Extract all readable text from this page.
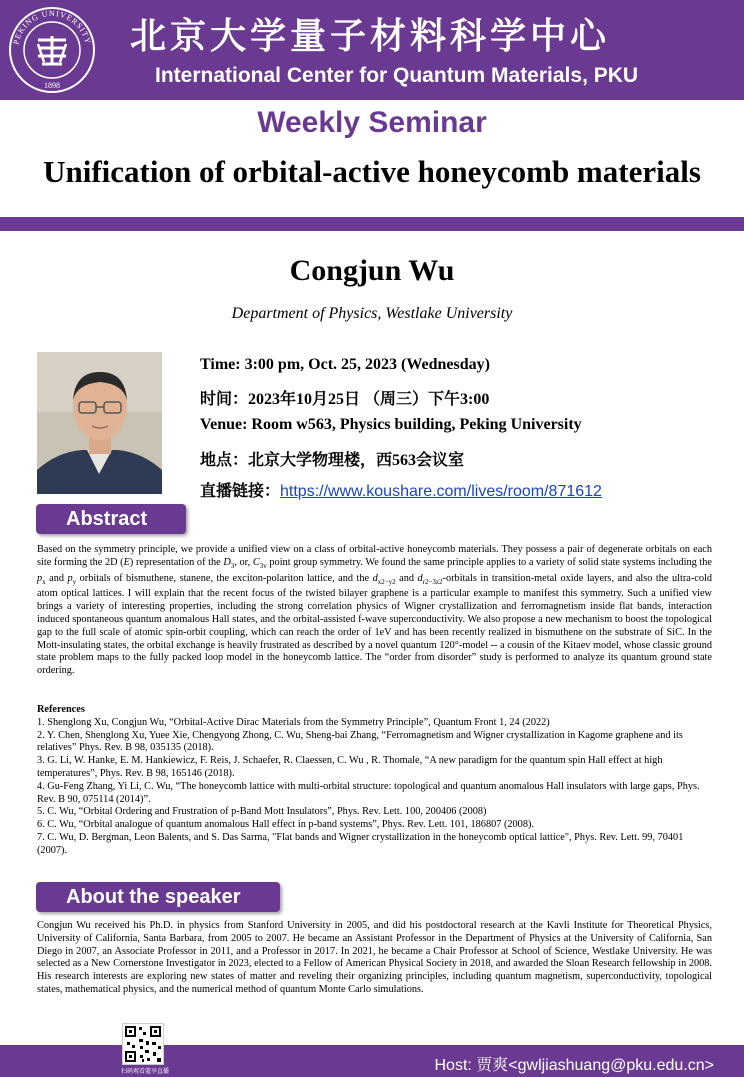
PEKING UNIVERSITY
1898
北京大学量子材料科学中心
International Center for Quantum Materials, PKU
Weekly Seminar
Unification of orbital-active honeycomb materials
Congjun Wu
Department of Physics, Westlake University
Time: 3:00 pm, Oct. 25, 2023 (Wednesday)
时间：2023年10月25日 （周三）下午3:00
Venue: Room w563, Physics building, Peking University
地点：北京大学物理楼，西563会议室
直播链接：https://www.koushare.com/lives/room/871612
Abstract
Based on the symmetry principle, we provide a unified view on a class of orbital-active honeycomb materials. They possess a pair of degenerate orbitals on each site forming the 2D (E) representation of the $D_3$, or, $C_{3v}$ point group symmetry. We found the same principle applies to a variety of solid state systems including the $p_x$ and $p_y$ orbitals of bismuthene, stanene, the exciton-polariton lattice, and the $d_{x2-y2}$ and $d_{r2-3z2}$-orbitals in transition-metal oxide layers, and also the ultra-cold atom optical lattices. I will explain that the recent focus of the twisted bilayer graphene is a particular example to manifest this symmetry. Such a unified view brings a variety of interesting properties, including the strong correlation physics of Wigner crystallization and ferromagnetism inside flat bands, interaction induced spontaneous quantum anomalous Hall states, and the orbital-assisted f-wave superconductivity. We also propose a new mechanism to boost the topological gap to the full scale of atomic spin-orbit coupling, which can reach the order of 1eV and has been recently realized in bismuthene on the substrate of SiC. In the Mott-insulating states, the orbital exchange is heavily frustrated as described by a novel quantum 120°-model -- a cousin of the Kitaev model, whose classic ground state problem maps to the fully packed loop model in the honeycomb lattice. The “order from disorder” study is performed to analyze its quantum ground state ordering.
References
1. Shenglong Xu, Congjun Wu, “Orbital-Active Dirac Materials from the Symmetry Principle”, Quantum Front 1, 24 (2022)
2. Y. Chen, Shenglong Xu, Yuee Xie, Chengyong Zhong, C. Wu, Sheng-bai Zhang, “Ferromagnetism and Wigner crystallization in Kagome graphene and its relatives” Phys. Rev. B 98, 035135 (2018).
3. G. Li, W. Hanke, E. M. Hankiewicz, F. Reis, J. Schaefer, R. Claessen, C. Wu , R. Thomale, “A new paradigm for the quantum spin Hall effect at high temperatures”, Phys. Rev. B 98, 165146 (2018).
4. Gu-Feng Zhang, Yi Li, C. Wu, “The honeycomb lattice with multi-orbital structure: topological and quantum anomalous Hall insulators with large gaps, Phys. Rev. B 90, 075114 (2014)”.
5. C. Wu, “Orbital Ordering and Frustration of p-Band Mott Insulators”, Phys. Rev. Lett. 100, 200406 (2008)
6. C. Wu, “Orbital analogue of quantum anomalous Hall effect in p-band systems”, Phys. Rev. Lett. 101, 186807 (2008).
7. C. Wu, D. Bergman, Leon Balents, and S. Das Sarma, "Flat bands and Wigner crystallization in the honeycomb optical lattice", Phys. Rev. Lett. 99, 70401 (2007).
About the speaker
Congjun Wu received his Ph.D. in physics from Stanford University in 2005, and did his postdoctoral research at the Kavli Institute for Theoretical Physics, University of California, Santa Barbara, from 2005 to 2007. He became an Assistant Professor in the Department of Physics at the University of California, San Diego in 2007, an Associate Professor in 2011, and a Professor in 2017. In 2021, he became a Chair Professor at School of Science, Westlake University. He was selected as a New Cornerstone Investigator in 2023, elected to a Fellow of American Physical Society in 2018, and awarded the Sloan Research fellowship in 2008. His research interests are exploring new states of matter and reveling their organizing principles, including quantum magnetism, superconductivity, topological states, mathematical physics, and the numerical method of quantum Monte Carlo simulations.
扫码观看蔻享直播	Host: 贾爽<gwljiashuang@pku.edu.cn>
